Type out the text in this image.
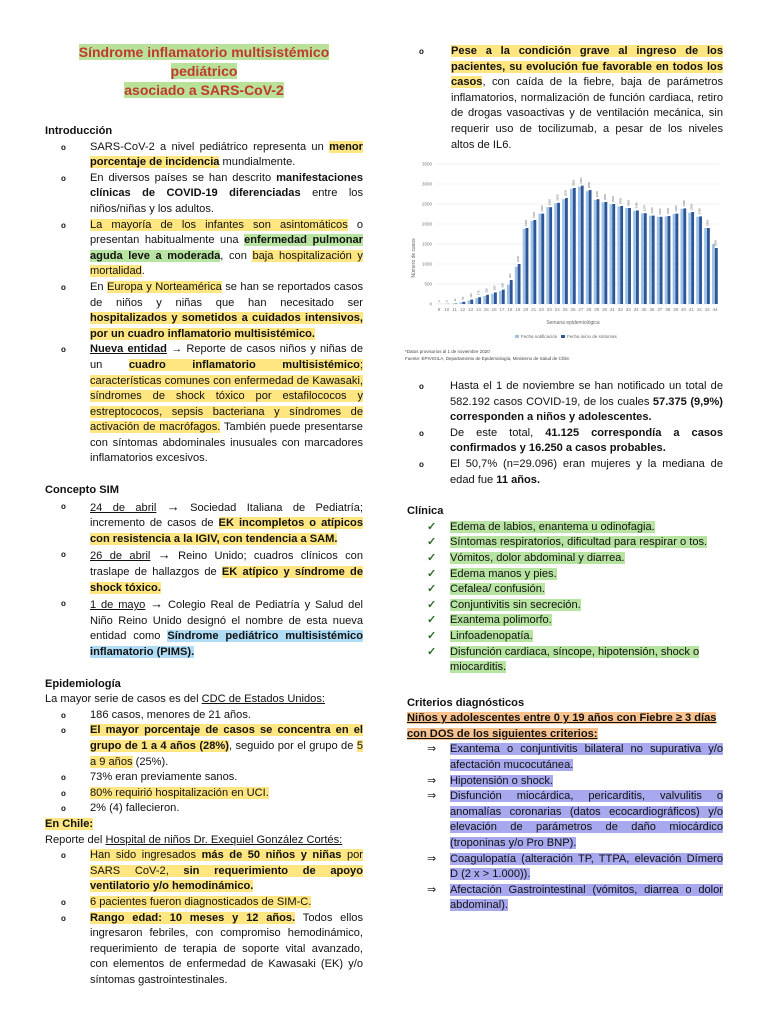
Síndrome inflamatorio multisistémico pediátrico
asociado a SARS-CoV-2

Introducción

o SARS-CoV-2 a nivel pediátrico representa un menor porcentaje de incidencia mundialmente.
o En diversos países se han descrito manifestaciones clínicas de COVID-19 diferenciadas entre los niños/niñas y los adultos.
o La mayoría de los infantes son asintomáticos o presentan habitualmente una enfermedad pulmonar aguda leve a moderada, con baja hospitalización y mortalidad.
o En Europa y Norteamérica se han se reportados casos de niños y niñas que han necesitado ser hospitalizados y sometidos a cuidados intensivos, por un cuadro inflamatorio multisistémico.
o Nueva entidad → Reporte de casos niños y niñas de un cuadro inflamatorio multisistémico; características comunes con enfermedad de Kawasaki, síndromes de shock tóxico por estafilococos y estreptococos, sepsis bacteriana y síndromes de activación de macrófagos. También puede presentarse con síntomas abdominales inusuales con marcadores inflamatorios excesivos.

Concepto SIM

o 24 de abril → Sociedad Italiana de Pediatría; incremento de casos de EK incompletos o atípicos con resistencia a la IGIV, con tendencia a SAM.
o 26 de abril → Reino Unido; cuadros clínicos con traslape de hallazgos de EK atípico y síndrome de shock tóxico.
o 1 de mayo → Colegio Real de Pediatría y Salud del Niño Reino Unido designó el nombre de esta nueva entidad como Síndrome pediátrico multisistémico inflamatorio (PIMS).

Epidemiología

La mayor serie de casos es del CDC de Estados Unidos:

o 186 casos, menores de 21 años.
o El mayor porcentaje de casos se concentra en el grupo de 1 a 4 años (28%), seguido por el grupo de 5 a 9 años (25%).
o 73% eran previamente sanos.
o 80% requirió hospitalización en UCI.
o 2% (4) fallecieron.

En Chile:

Reporte del Hospital de niños Dr. Exequiel González Cortés:

o Han sido ingresados más de 50 niños y niñas por SARS CoV-2, sin requerimiento de apoyo ventilatorio y/o hemodinámico.
o 6 pacientes fueron diagnosticados de SIM-C.
o Rango edad: 10 meses y 12 años. Todos ellos ingresaron febriles, con compromiso hemodinámico, requerimiento de terapia de soporte vital avanzado, con elementos de enfermedad de Kawasaki (EK) y/o síntomas gastrointestinales.
o Pese a la condición grave al ingreso de los pacientes, su evolución fue favorable en todos los casos, con caída de la fiebre, baja de parámetros inflamatorios, normalización de función cardiaca, retiro de drogas vasoactivas y de ventilación mecánica, sin requerir uso de tocilizumab, a pesar de los niveles altos de IL6.
Número de casos
Semana epidemiológica
0
500
1000
1500
2000
2500
3000
3500
9 10 11 12 13 14 15 16 17 18 19 20 21 22 23 24 25 26 27 28 29 30 31 32 33 34 35 36 37 38 39 40 41 42 43 44
2 5 12
55
110
170
230
290
360
600
1000
1900
2100
2260
2420
2530
2650
2900 2960
2850
2620 2550 2500 2450 2400 2340 2270 2210 2180 2200 2260
2390
2300
2190
1900
1400
Fecha notificación Fecha inicio de síntomas
*Datos provisorios al 1 de noviembre 2020
Fuente: EPIVIGILA, Departamento de Epidemiología, Ministerio de Salud de Chile.
o Hasta el 1 de noviembre se han notificado un total de 582.192 casos COVID-19, de los cuales 57.375 (9,9%) corresponden a niños y adolescentes.
o De este total, 41.125 correspondía a casos confirmados y 16.250 a casos probables.
o El 50,7% (n=29.096) eran mujeres y la mediana de edad fue 11 años.

Clínica

✓ Edema de labios, enantema u odinofagia.
✓ Síntomas respiratorios, dificultad para respirar o tos.
✓ Vómitos, dolor abdominal y diarrea.
✓ Edema manos y pies.
✓ Cefalea/ confusión.
✓ Conjuntivitis sin secreción.
✓ Exantema polimorfo.
✓ Linfoadenopatía.
✓ Disfunción cardiaca, síncope, hipotensión, shock o miocarditis.

Criterios diagnósticos

Niños y adolescentes entre 0 y 19 años con Fiebre ≥ 3 días con DOS de los siguientes criterios:

⇒ Exantema o conjuntivitis bilateral no supurativa y/o afectación mucocutánea.
⇒ Hipotensión o shock.
⇒ Disfunción miocárdica, pericarditis, valvulitis o anomalías coronarias (datos ecocardiográficos) y/o elevación de parámetros de daño miocárdico (troponinas y/o Pro BNP).
⇒ Coagulopatía (alteración TP, TTPA, elevación Dímero D (2 x > 1.000)).
⇒ Afectación Gastrointestinal (vómitos, diarrea o dolor abdominal).
